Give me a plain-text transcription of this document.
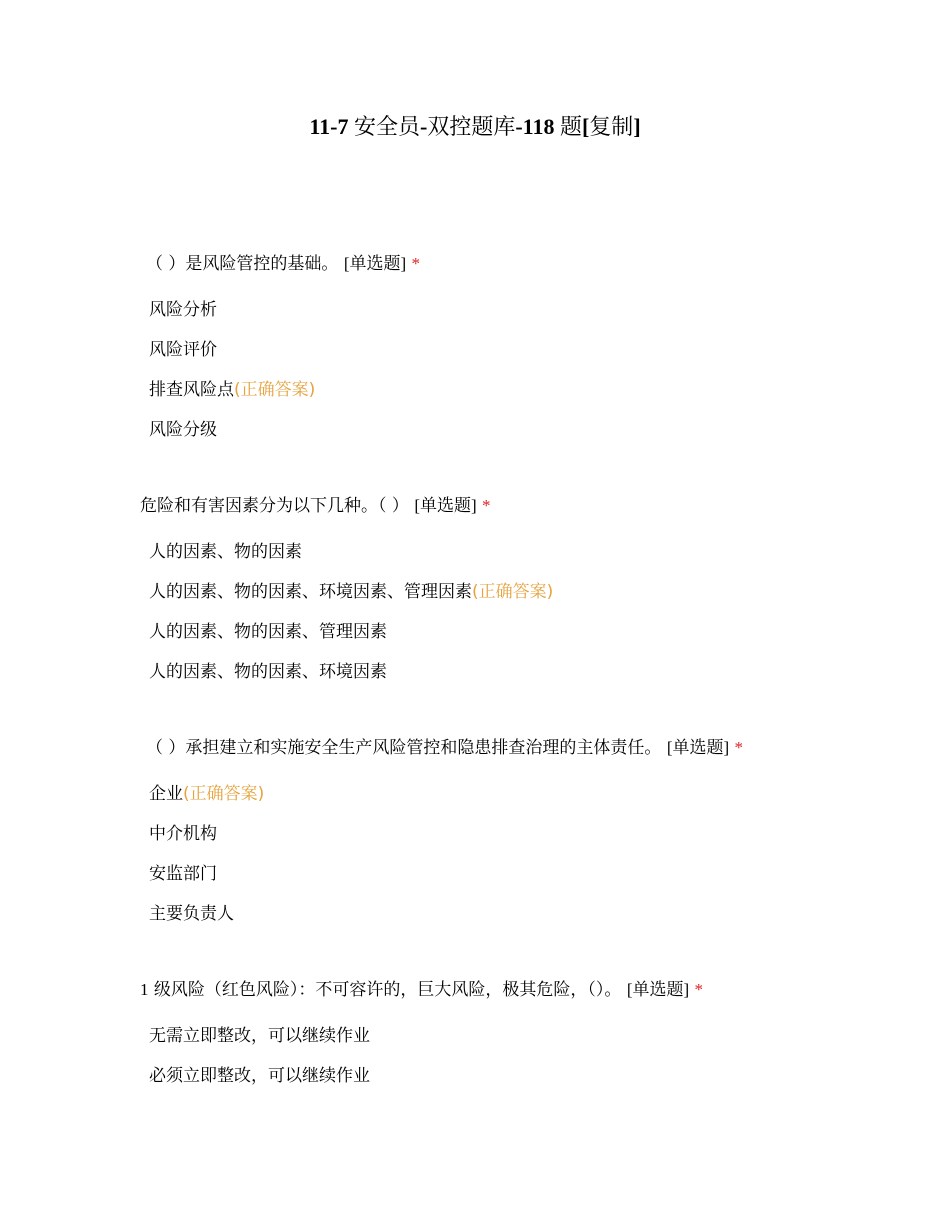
11-7 安全员-双控题库-118 题[复制]
（ ）是风险管控的基础。 [单选题] *
风险分析
风险评价
排查风险点(正确答案)
风险分级
危险和有害因素分为以下几种。（ ） [单选题] *
人的因素、物的因素
人的因素、物的因素、环境因素、管理因素(正确答案)
人的因素、物的因素、管理因素
人的因素、物的因素、环境因素
（ ）承担建立和实施安全生产风险管控和隐患排查治理的主体责任。 [单选题] *
企业(正确答案)
中介机构
安监部门
主要负责人
1 级风险（红色风险）：不可容许的，巨大风险，极其危险，（）。 [单选题] *
无需立即整改，可以继续作业
必须立即整改，可以继续作业
